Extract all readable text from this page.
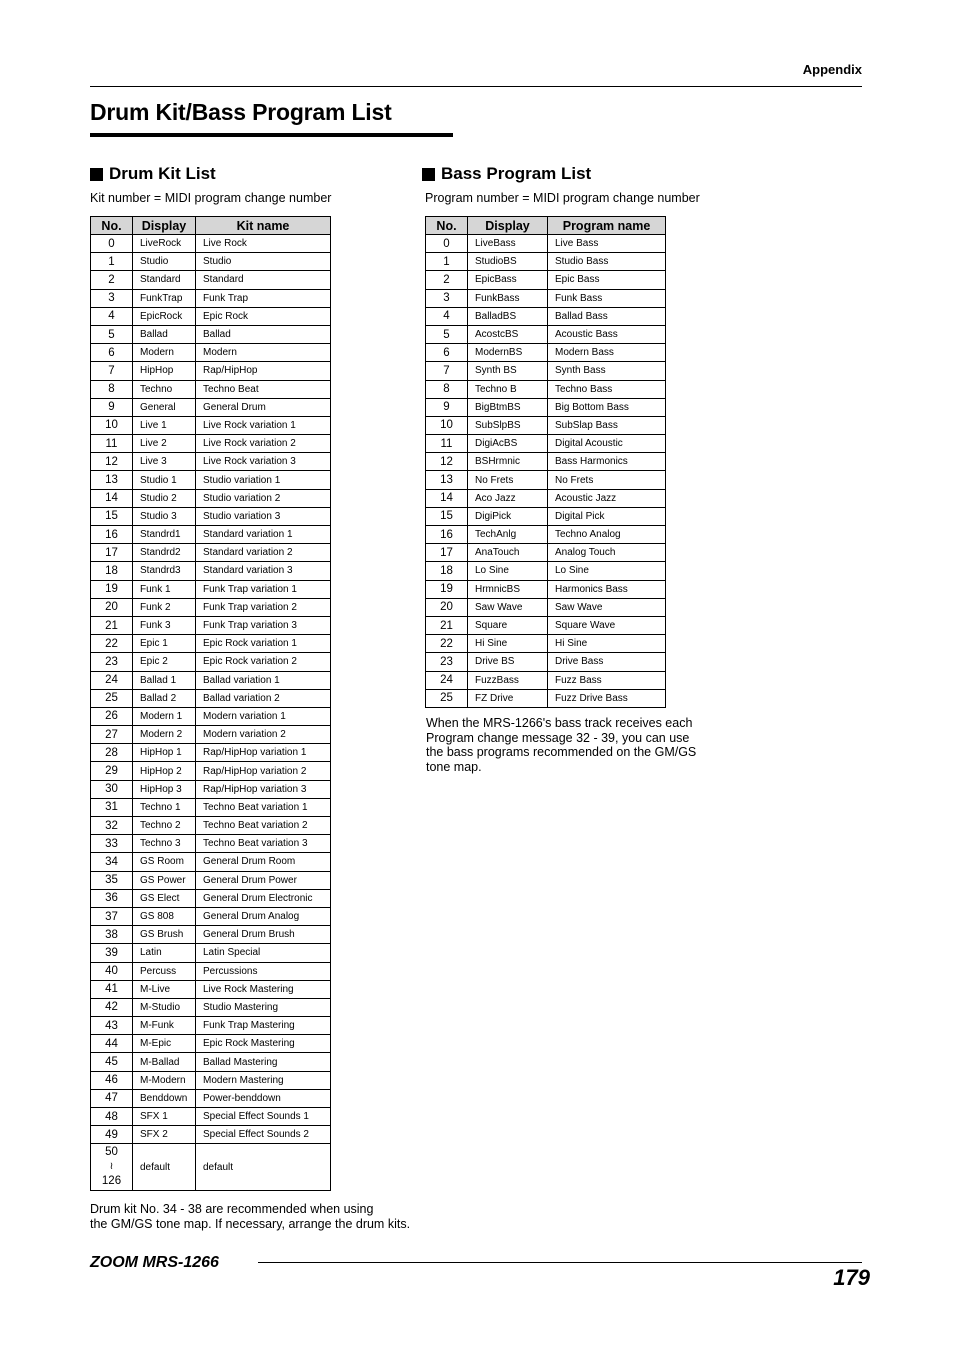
Appendix
Drum Kit/Bass Program List
Drum Kit List
Kit number = MIDI program change number
No.	Display	Kit name
0	LiveRock	Live Rock
1	Studio	Studio
2	Standard	Standard
3	FunkTrap	Funk Trap
4	EpicRock	Epic Rock
5	Ballad	Ballad
6	Modern	Modern
7	HipHop	Rap/HipHop
8	Techno	Techno Beat
9	General	General Drum
10	Live 1	Live Rock variation 1
11	Live 2	Live Rock variation 2
12	Live 3	Live Rock variation 3
13	Studio 1	Studio variation 1
14	Studio 2	Studio variation 2
15	Studio 3	Studio variation 3
16	Standrd1	Standard variation 1
17	Standrd2	Standard variation 2
18	Standrd3	Standard variation 3
19	Funk 1	Funk Trap variation 1
20	Funk 2	Funk Trap variation 2
21	Funk 3	Funk Trap variation 3
22	Epic 1	Epic Rock variation 1
23	Epic 2	Epic Rock variation 2
24	Ballad 1	Ballad variation 1
25	Ballad 2	Ballad variation 2
26	Modern 1	Modern variation 1
27	Modern 2	Modern variation 2
28	HipHop 1	Rap/HipHop variation 1
29	HipHop 2	Rap/HipHop variation 2
30	HipHop 3	Rap/HipHop variation 3
31	Techno 1	Techno Beat variation 1
32	Techno 2	Techno Beat variation 2
33	Techno 3	Techno Beat variation 3
34	GS Room	General Drum Room
35	GS Power	General Drum Power
36	GS Elect	General Drum Electronic
37	GS 808	General Drum Analog
38	GS Brush	General Drum Brush
39	Latin	Latin Special
40	Percuss	Percussions
41	M-Live	Live Rock Mastering
42	M-Studio	Studio Mastering
43	M-Funk	Funk Trap Mastering
44	M-Epic	Epic Rock Mastering
45	M-Ballad	Ballad Mastering
46	M-Modern	Modern Mastering
47	Benddown	Power-benddown
48	SFX 1	Special Effect Sounds 1
49	SFX 2	Special Effect Sounds 2

50
≀
126	default	default
Drum kit No. 34 - 38 are recommended when using
the GM/GS tone map. If necessary, arrange the drum kits.
Bass Program List
Program number = MIDI program change number
No.	Display	Program name
0	LiveBass	Live Bass
1	StudioBS	Studio Bass
2	EpicBass	Epic Bass
3	FunkBass	Funk Bass
4	BalladBS	Ballad Bass
5	AcostcBS	Acoustic Bass
6	ModernBS	Modern Bass
7	Synth BS	Synth Bass
8	Techno B	Techno Bass
9	BigBtmBS	Big Bottom Bass
10	SubSlpBS	SubSlap Bass
11	DigiAcBS	Digital Acoustic
12	BSHrmnic	Bass Harmonics
13	No Frets	No Frets
14	Aco Jazz	Acoustic Jazz
15	DigiPick	Digital Pick
16	TechAnlg	Techno Analog
17	AnaTouch	Analog Touch
18	Lo Sine	Lo Sine
19	HrmnicBS	Harmonics Bass
20	Saw Wave	Saw Wave
21	Square	Square Wave
22	Hi Sine	Hi Sine
23	Drive BS	Drive Bass
24	FuzzBass	Fuzz Bass
25	FZ Drive	Fuzz Drive Bass
When the MRS-1266's bass track receives each
Program change message 32 - 39, you can use
the bass programs recommended on the GM/GS
tone map.
ZOOM MRS-1266
179
